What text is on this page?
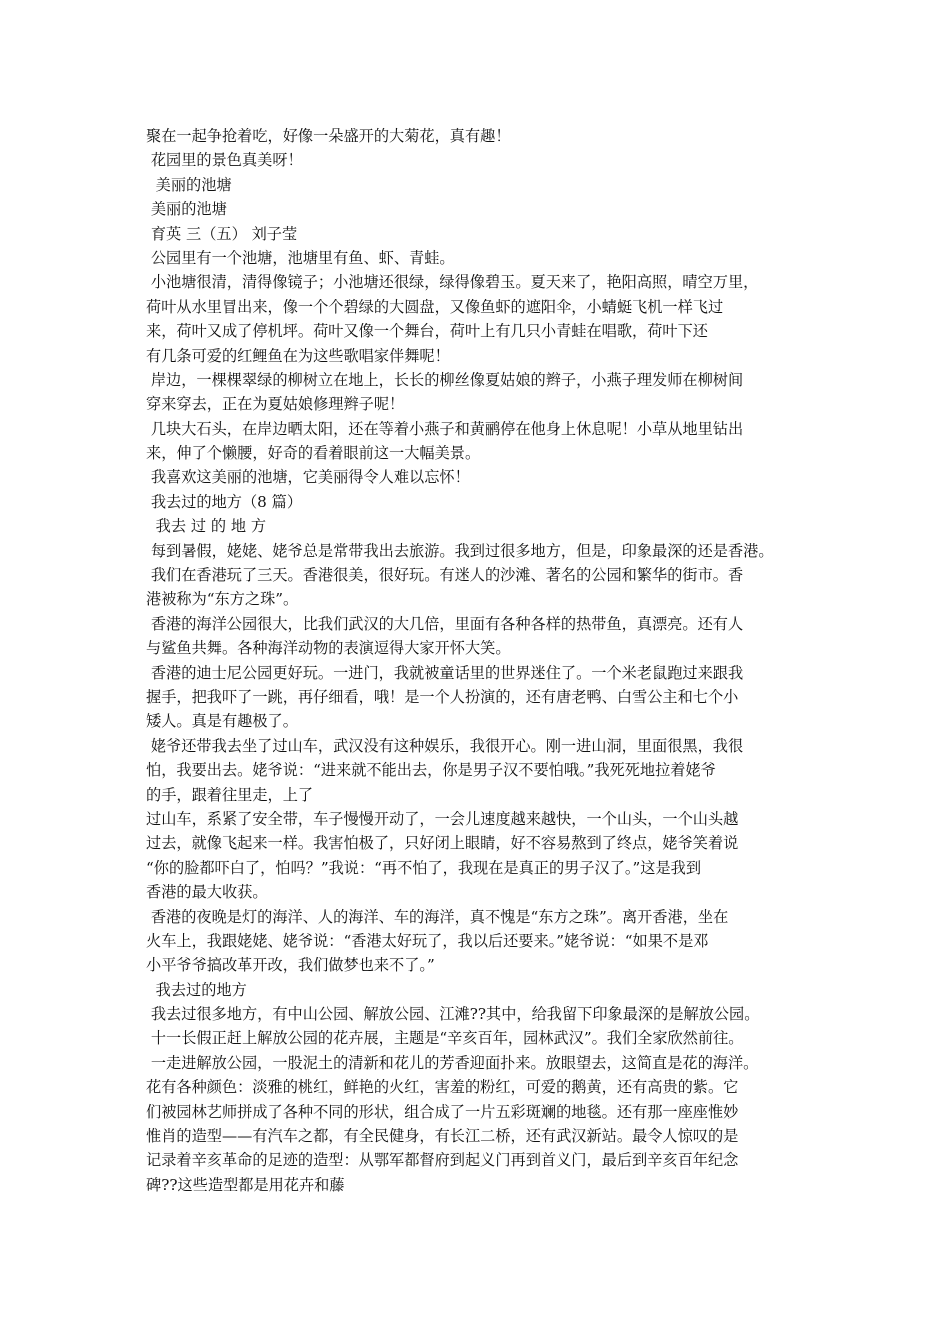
聚在一起争抢着吃，好像一朵盛开的大菊花，真有趣！
花园里的景色真美呀！
美丽的池塘
美丽的池塘
育英 三（五） 刘子莹
公园里有一个池塘，池塘里有鱼、虾、青蛙。
小池塘很清，清得像镜子；小池塘还很绿，绿得像碧玉。夏天来了，艳阳高照，晴空万里，
荷叶从水里冒出来，像一个个碧绿的大圆盘，又像鱼虾的遮阳伞，小蜻蜓飞机一样飞过
来，荷叶又成了停机坪。荷叶又像一个舞台，荷叶上有几只小青蛙在唱歌，荷叶下还
有几条可爱的红鲤鱼在为这些歌唱家伴舞呢！
岸边，一棵棵翠绿的柳树立在地上，长长的柳丝像夏姑娘的辫子，小燕子理发师在柳树间
穿来穿去，正在为夏姑娘修理辫子呢！
几块大石头，在岸边晒太阳，还在等着小燕子和黄鹂停在他身上休息呢！小草从地里钻出
来，伸了个懒腰，好奇的看着眼前这一大幅美景。
我喜欢这美丽的池塘，它美丽得令人难以忘怀！
我去过的地方（8 篇）
我去 过 的 地 方
每到暑假，姥姥、姥爷总是常带我出去旅游。我到过很多地方，但是，印象最深的还是香港。
我们在香港玩了三天。香港很美，很好玩。有迷人的沙滩、著名的公园和繁华的街市。香
港被称为“东方之珠”。
香港的海洋公园很大，比我们武汉的大几倍，里面有各种各样的热带鱼，真漂亮。还有人
与鲨鱼共舞。各种海洋动物的表演逗得大家开怀大笑。
香港的迪士尼公园更好玩。一进门，我就被童话里的世界迷住了。一个米老鼠跑过来跟我
握手，把我吓了一跳，再仔细看，哦！是一个人扮演的，还有唐老鸭、白雪公主和七个小
矮人。真是有趣极了。
姥爷还带我去坐了过山车，武汉没有这种娱乐，我很开心。刚一进山洞，里面很黑，我很
怕，我要出去。姥爷说：“进来就不能出去，你是男子汉不要怕哦。”我死死地拉着姥爷
的手，跟着往里走，上了
过山车，系紧了安全带，车子慢慢开动了，一会儿速度越来越快，一个山头，一个山头越
过去，就像飞起来一样。我害怕极了，只好闭上眼睛，好不容易熬到了终点，姥爷笑着说
“你的脸都吓白了，怕吗？”我说：“再不怕了，我现在是真正的男子汉了。”这是我到
香港的最大收获。
香港的夜晚是灯的海洋、人的海洋、车的海洋，真不愧是“东方之珠”。离开香港，坐在
火车上，我跟姥姥、姥爷说：“香港太好玩了，我以后还要来。”姥爷说：“如果不是邓
小平爷爷搞改革开改，我们做梦也来不了。”
我去过的地方
我去过很多地方，有中山公园、解放公园、江滩??其中，给我留下印象最深的是解放公园。
十一长假正赶上解放公园的花卉展，主题是“辛亥百年，园林武汉”。我们全家欣然前往。
一走进解放公园，一股泥土的清新和花儿的芳香迎面扑来。放眼望去，这简直是花的海洋。
花有各种颜色：淡雅的桃红，鲜艳的火红，害羞的粉红，可爱的鹅黄，还有高贵的紫。它
们被园林艺师拼成了各种不同的形状，组合成了一片五彩斑斓的地毯。还有那一座座惟妙
惟肖的造型——有汽车之都，有全民健身，有长江二桥，还有武汉新站。最令人惊叹的是
记录着辛亥革命的足迹的造型：从鄂军都督府到起义门再到首义门，最后到辛亥百年纪念
碑??这些造型都是用花卉和藤
